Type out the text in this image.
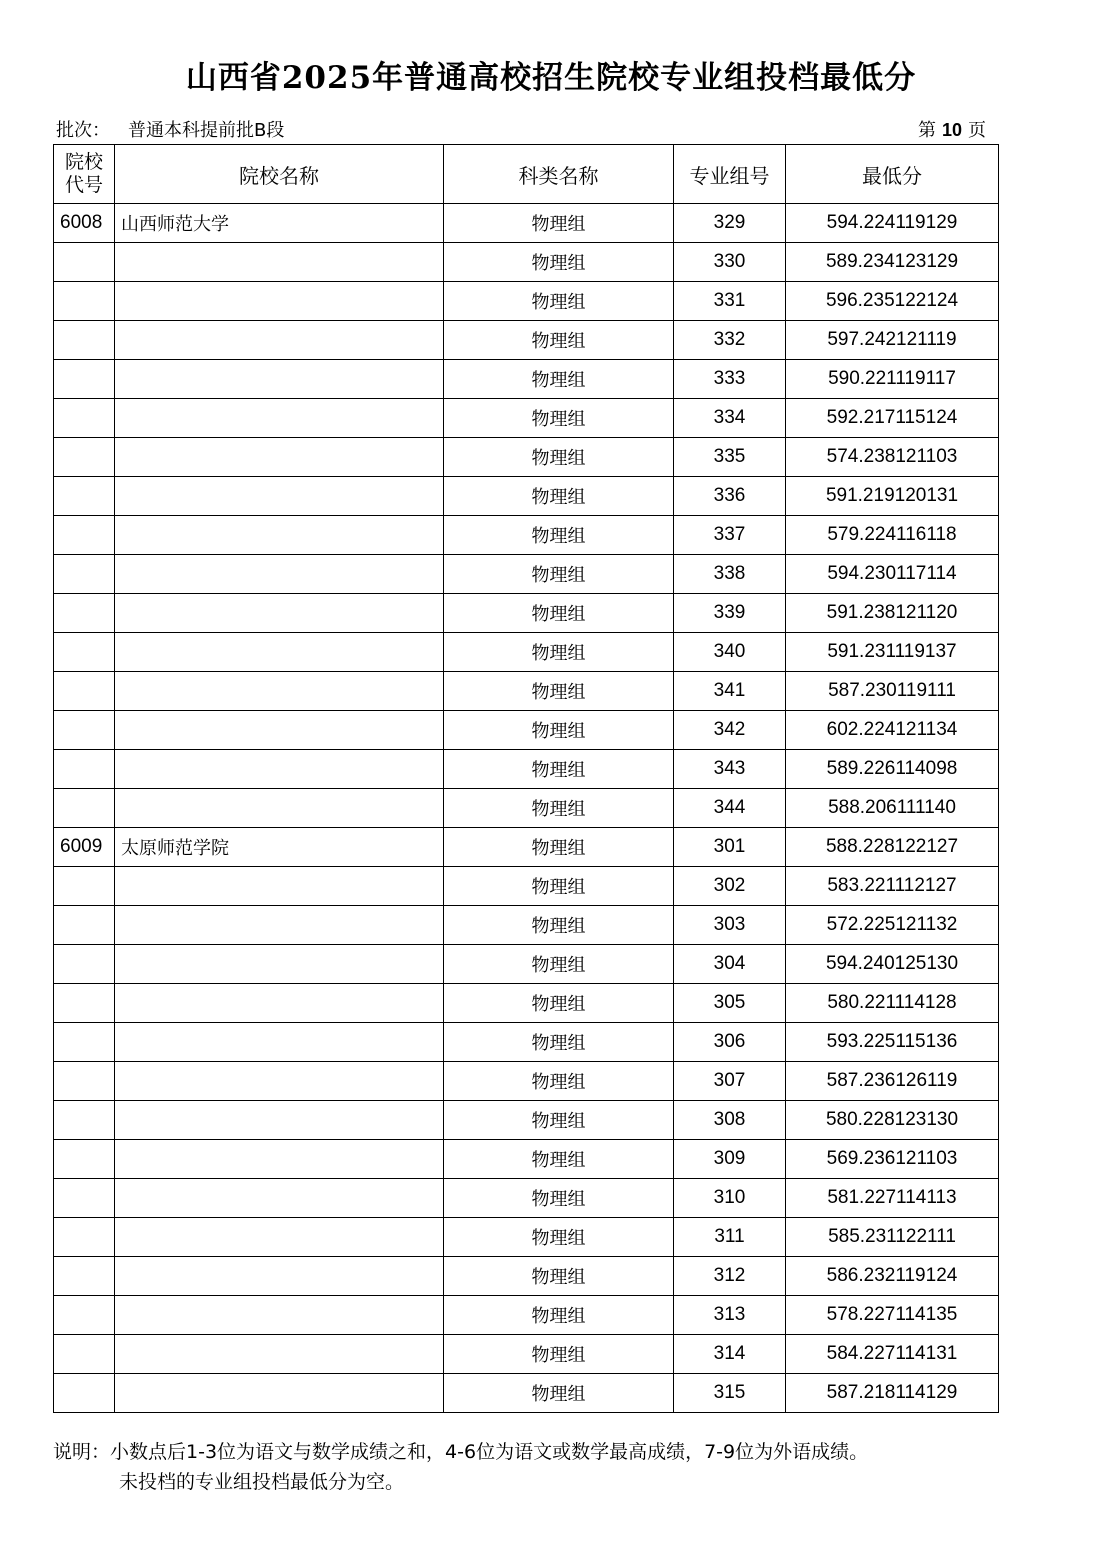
山西省2025年普通高校招生院校专业组投档最低分
批次： 普通本科提前批B段	第 10 页
院校
代号	院校名称	科类名称	专业组号	最低分
6008	山西师范大学	物理组	329	594.224119129
		物理组	330	589.234123129
		物理组	331	596.235122124
		物理组	332	597.242121119
		物理组	333	590.221119117
		物理组	334	592.217115124
		物理组	335	574.238121103
		物理组	336	591.219120131
		物理组	337	579.224116118
		物理组	338	594.230117114
		物理组	339	591.238121120
		物理组	340	591.231119137
		物理组	341	587.230119111
		物理组	342	602.224121134
		物理组	343	589.226114098
		物理组	344	588.206111140
6009	太原师范学院	物理组	301	588.228122127
		物理组	302	583.221112127
		物理组	303	572.225121132
		物理组	304	594.240125130
		物理组	305	580.221114128
		物理组	306	593.225115136
		物理组	307	587.236126119
		物理组	308	580.228123130
		物理组	309	569.236121103
		物理组	310	581.227114113
		物理组	311	585.231122111
		物理组	312	586.232119124
		物理组	313	578.227114135
		物理组	314	584.227114131
		物理组	315	587.218114129
说明：小数点后1-3位为语文与数学成绩之和，4-6位为语文或数学最高成绩，7-9位为外语成绩。
未投档的专业组投档最低分为空。
